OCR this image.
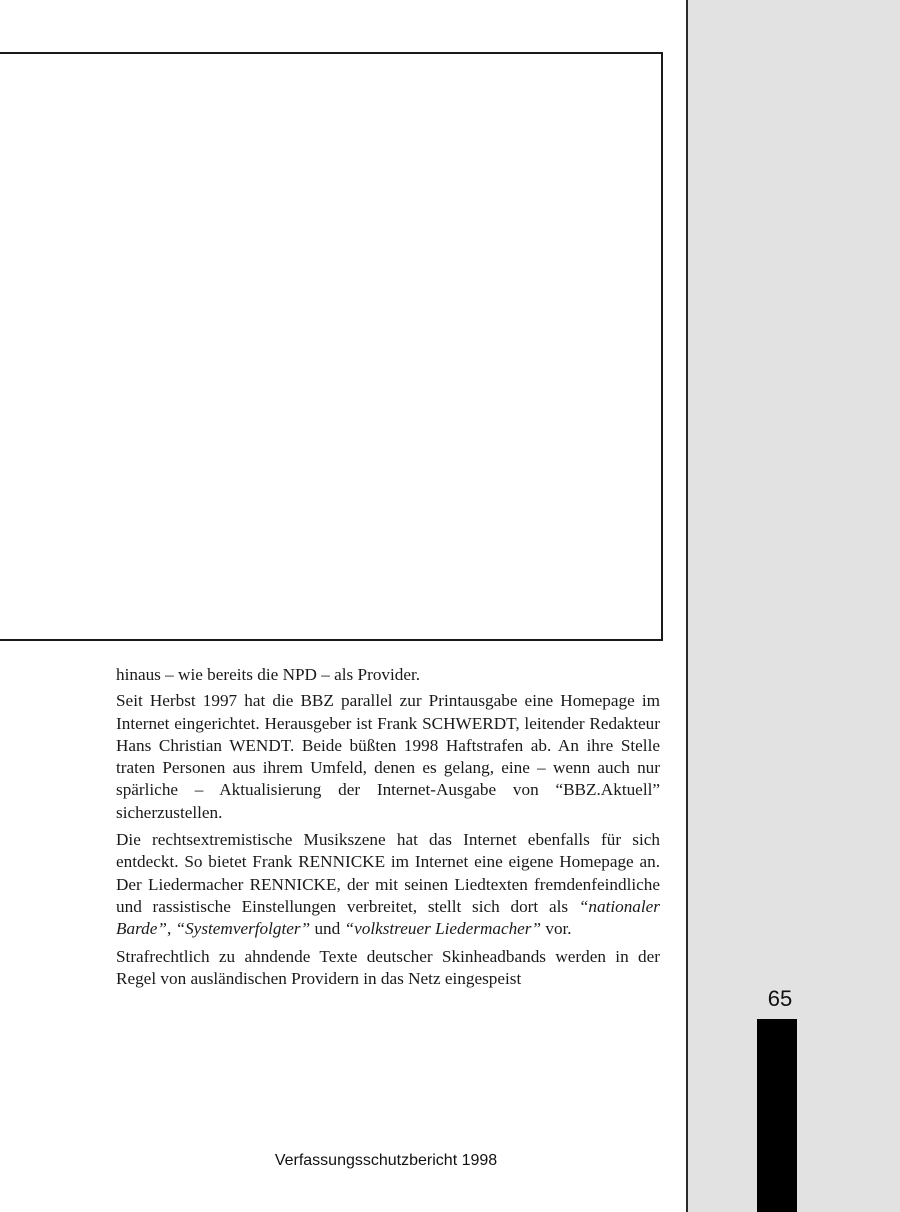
hinaus – wie bereits die NPD – als Provider.

Seit Herbst 1997 hat die BBZ parallel zur Printausgabe eine Homepage im Internet eingerichtet. Herausgeber ist Frank SCHWERDT, leitender Redakteur Hans Christian WENDT. Beide büßten 1998 Haftstrafen ab. An ihre Stelle traten Personen aus ihrem Umfeld, denen es gelang, eine – wenn auch nur spärliche – Aktualisierung der Internet-Ausgabe von “BBZ.Aktuell” sicherzustellen.

Die rechtsextremistische Musikszene hat das Internet ebenfalls für sich entdeckt. So bietet Frank RENNICKE im Internet eine eigene Homepage an. Der Liedermacher RENNICKE, der mit seinen Liedtexten fremdenfeindliche und rassistische Einstellungen verbreitet, stellt sich dort als “nationaler Barde”, “Systemverfolgter” und “volkstreuer Liedermacher” vor.

Strafrechtlich zu ahndende Texte deutscher Skinheadbands werden in der Regel von ausländischen Providern in das Netz eingespeist

Verfassungsschutzbericht 1998
65
